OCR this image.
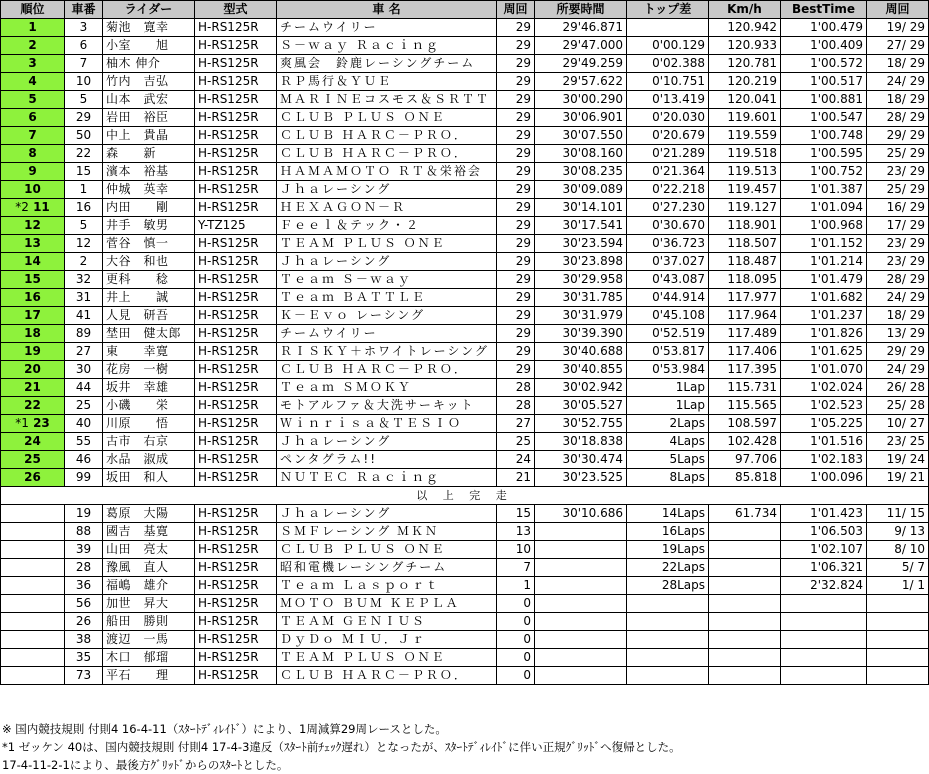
順位	車番	ライダー	型式	車 名	周回	所要時間	トップ差	Km/h	BestTime	周回
1	3	菊池　寛幸	H-RS125R	チームウイリー	29	29'46.871		120.942	1'00.479	19/ 29
2	6	小室　　旭	H-RS125R	Ｓ－ｗａｙ Ｒａｃｉｎｇ	29	29'47.000	0'00.129	120.933	1'00.409	27/ 29
3	7	柚木 伸介	H-RS125R	爽風会　鈴鹿レーシングチーム	29	29'49.259	0'02.388	120.781	1'00.572	18/ 29
4	10	竹内　吉弘	H-RS125R	ＲＰ馬行＆ＹＵＥ	29	29'57.622	0'10.751	120.219	1'00.517	24/ 29
5	5	山本　武宏	H-RS125R	ＭＡＲＩＮＥコスモス＆ＳＲＴＴ	29	30'00.290	0'13.419	120.041	1'00.881	18/ 29
6	29	岩田　裕臣	H-RS125R	ＣＬＵＢ ＰＬＵＳ ＯＮＥ	29	30'06.901	0'20.030	119.601	1'00.547	28/ 29
7	50	中上　貴晶	H-RS125R	ＣＬＵＢ ＨＡＲＣ－ＰＲＯ．	29	30'07.550	0'20.679	119.559	1'00.748	29/ 29
8	22	森　　新	H-RS125R	ＣＬＵＢ ＨＡＲＣ－ＰＲＯ．	29	30'08.160	0'21.289	119.518	1'00.595	25/ 29
9	15	濱本　裕基	H-RS125R	ＨＡＭＡＭＯＴＯ ＲＴ＆栄裕会	29	30'08.235	0'21.364	119.513	1'00.752	23/ 29
10	1	仲城　英幸	H-RS125R	Ｊｈａレーシング	29	30'09.089	0'22.218	119.457	1'01.387	25/ 29
*2 11	16	内田　　剛	H-RS125R	ＨＥＸＡＧＯＮ－Ｒ	29	30'14.101	0'27.230	119.127	1'01.094	16/ 29
12	5	井手　敏男	Y-TZ125	Ｆｅｅｌ＆テック・２	29	30'17.541	0'30.670	118.901	1'00.968	17/ 29
13	12	菅谷　慎一	H-RS125R	ＴＥＡＭ ＰＬＵＳ ＯＮＥ	29	30'23.594	0'36.723	118.507	1'01.152	23/ 29
14	2	大谷　和也	H-RS125R	Ｊｈａレーシング	29	30'23.898	0'37.027	118.487	1'01.214	23/ 29
15	32	更科　　稔	H-RS125R	Ｔｅａｍ Ｓ－ｗａｙ	29	30'29.958	0'43.087	118.095	1'01.479	28/ 29
16	31	井上　　誠	H-RS125R	Ｔｅａｍ ＢＡＴＴＬＥ	29	30'31.785	0'44.914	117.977	1'01.682	24/ 29
17	41	人見　研吾	H-RS125R	Ｋ－Ｅｖｏ レーシング	29	30'31.979	0'45.108	117.964	1'01.237	18/ 29
18	89	埜田　健太郎	H-RS125R	チームウイリー	29	30'39.390	0'52.519	117.489	1'01.826	13/ 29
19	27	東　　幸寛	H-RS125R	ＲＩＳＫＹ＋ホワイトレーシング	29	30'40.688	0'53.817	117.406	1'01.625	29/ 29
20	30	花房　一樹	H-RS125R	ＣＬＵＢ ＨＡＲＣ－ＰＲＯ．	29	30'40.855	0'53.984	117.395	1'01.070	24/ 29
21	44	坂井　幸雄	H-RS125R	Ｔｅａｍ ＳＭＯＫＹ	28	30'02.942	1Lap	115.731	1'02.024	26/ 28
22	25	小磯　　栄	H-RS125R	モトアルファ＆大洗サーキット	28	30'05.527	1Lap	115.565	1'02.523	25/ 28
*1 23	40	川原　　悟	H-RS125R	Ｗｉｎｒｉｓａ＆ＴＥＳＩＯ	27	30'52.755	2Laps	108.597	1'05.225	10/ 27
24	55	古市　右京	H-RS125R	Ｊｈａレーシング	25	30'18.838	4Laps	102.428	1'01.516	23/ 25
25	46	水品　淑成	H-RS125R	ペンタグラム!!	24	30'30.474	5Laps	97.706	1'02.183	19/ 24
26	99	坂田　和人	H-RS125R	ＮＵＴＥＣ Ｒａｃｉｎｇ	21	30'23.525	8Laps	85.818	1'00.096	19/ 21
以 上 完 走										
	19	葛原　大陽	H-RS125R	Ｊｈａレーシング	15	30'10.686	14Laps	61.734	1'01.423	11/ 15
	88	國吉　基寛	H-RS125R	ＳＭＦレーシング ＭＫＮ	13		16Laps		1'06.503	9/ 13
	39	山田　亮太	H-RS125R	ＣＬＵＢ ＰＬＵＳ ＯＮＥ	10		19Laps		1'02.107	8/ 10
	28	豫風　直人	H-RS125R	昭和電機レーシングチーム	7		22Laps		1'06.321	5/ 7
	36	福嶋　雄介	H-RS125R	Ｔｅａｍ Ｌａｓｐｏｒｔ	1		28Laps		2'32.824	1/ 1
	56	加世　昇大	H-RS125R	ＭＯＴＯ ＢＵＭ ＫＥＰＬＡ	0					
	26	船田　勝則	H-RS125R	ＴＥＡＭ ＧＥＮＩＵＳ	0					
	38	渡辺　一馬	H-RS125R	ＤｙＤｏ ＭＩＵ．Ｊｒ	0					
	35	木口　郁瑠	H-RS125R	ＴＥＡＭ ＰＬＵＳ ＯＮＥ	0					
	73	平石　　理	H-RS125R	ＣＬＵＢ ＨＡＲＣ－ＰＲＯ．	0					
※ 国内競技規則 付則4 16-4-11（ｽﾀｰﾄﾃﾞｨﾚｲﾄﾞ）により、1周減算29周レースとした。
*1 ゼッケン 40は、国内競技規則 付則4 17-4-3違反（ｽﾀｰﾄ前ﾁｪｯｸ遅れ）となったが、ｽﾀｰﾄﾃﾞｨﾚｲﾄﾞに伴い正規ｸﾞﾘｯﾄﾞへ復帰とした。
17-4-11-2-1により、最後方ｸﾞﾘｯﾄﾞからのｽﾀｰﾄとした。
